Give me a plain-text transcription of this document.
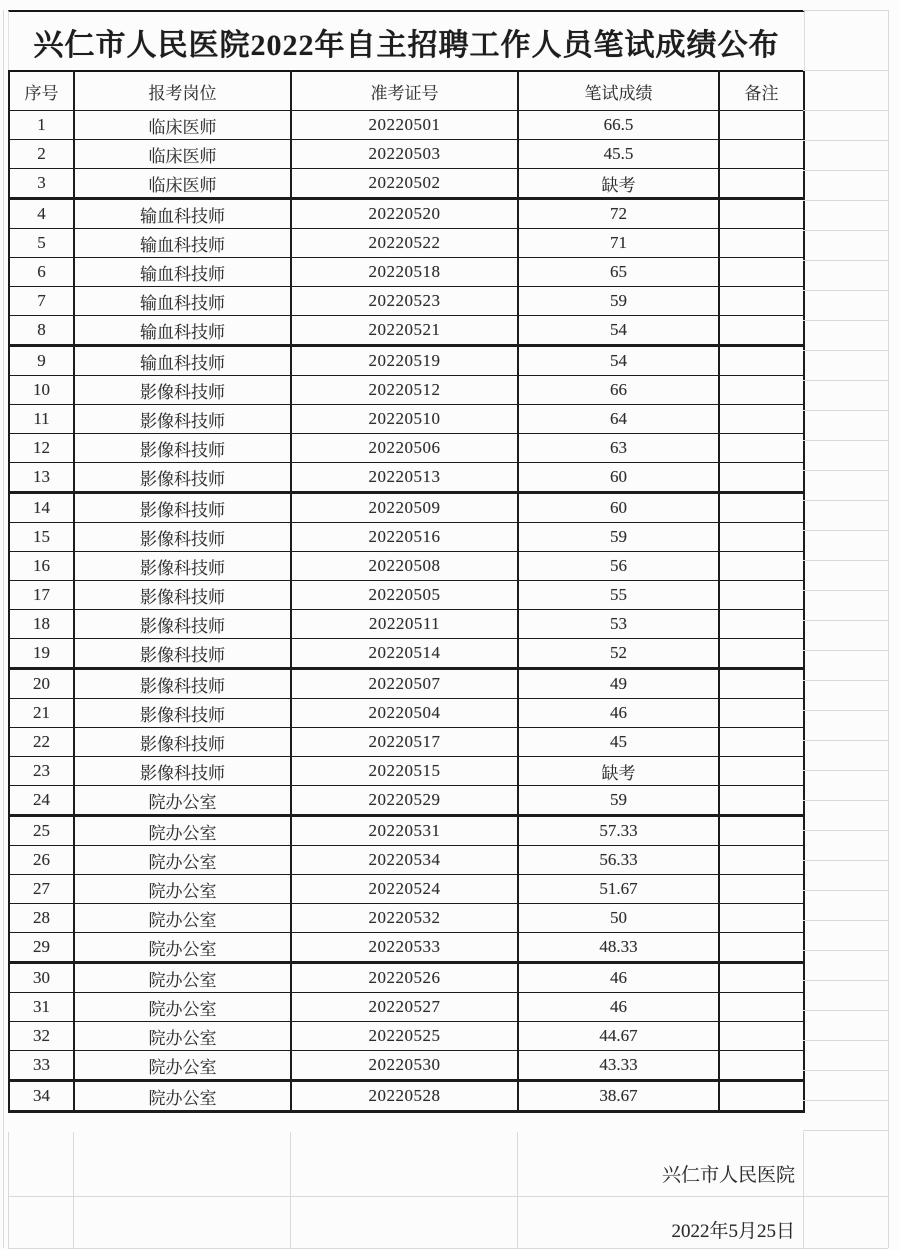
兴仁市人民医院2022年自主招聘工作人员笔试成绩公布
序号	报考岗位	准考证号	笔试成绩	备注
1	临床医师	20220501	66.5	
2	临床医师	20220503	45.5	
3	临床医师	20220502	缺考	
4	输血科技师	20220520	72	
5	输血科技师	20220522	71	
6	输血科技师	20220518	65	
7	输血科技师	20220523	59	
8	输血科技师	20220521	54	
9	输血科技师	20220519	54	
10	影像科技师	20220512	66	
11	影像科技师	20220510	64	
12	影像科技师	20220506	63	
13	影像科技师	20220513	60	
14	影像科技师	20220509	60	
15	影像科技师	20220516	59	
16	影像科技师	20220508	56	
17	影像科技师	20220505	55	
18	影像科技师	20220511	53	
19	影像科技师	20220514	52	
20	影像科技师	20220507	49	
21	影像科技师	20220504	46	
22	影像科技师	20220517	45	
23	影像科技师	20220515	缺考	
24	院办公室	20220529	59	
25	院办公室	20220531	57.33	
26	院办公室	20220534	56.33	
27	院办公室	20220524	51.67	
28	院办公室	20220532	50	
29	院办公室	20220533	48.33	
30	院办公室	20220526	46	
31	院办公室	20220527	46	
32	院办公室	20220525	44.67	
33	院办公室	20220530	43.33	
34	院办公室	20220528	38.67	
兴仁市人民医院
2022年5月25日
